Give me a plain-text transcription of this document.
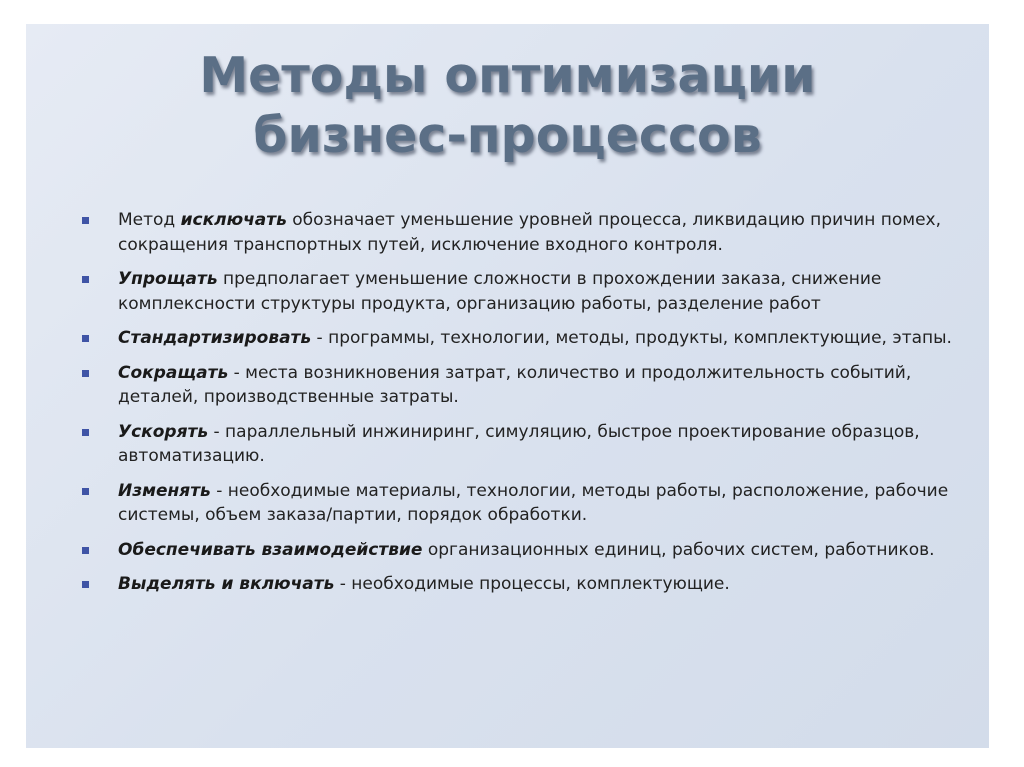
Методы оптимизации
бизнес-процессов
Метод исключать обозначает уменьшение уровней процесса, ликвидацию причин помех, сокращения транспортных путей, исключение входного контроля.
Упрощать предполагает уменьшение сложности в прохождении заказа, снижение комплексности структуры продукта, организацию работы, разделение работ
Стандартизировать - программы, технологии, методы, продукты, комплектующие, этапы.
Сокращать - места возникновения затрат, количество и продолжительность событий, деталей, производственные затраты.
Ускорять - параллельный инжиниринг, симуляцию, быстрое проектирование образцов, автоматизацию.
Изменять - необходимые материалы, технологии, методы работы, расположение, рабочие системы, объем заказа/партии, порядок обработки.
Обеспечивать взаимодействие организационных единиц, рабочих систем, работников.
Выделять и включать - необходимые процессы, комплектующие.
